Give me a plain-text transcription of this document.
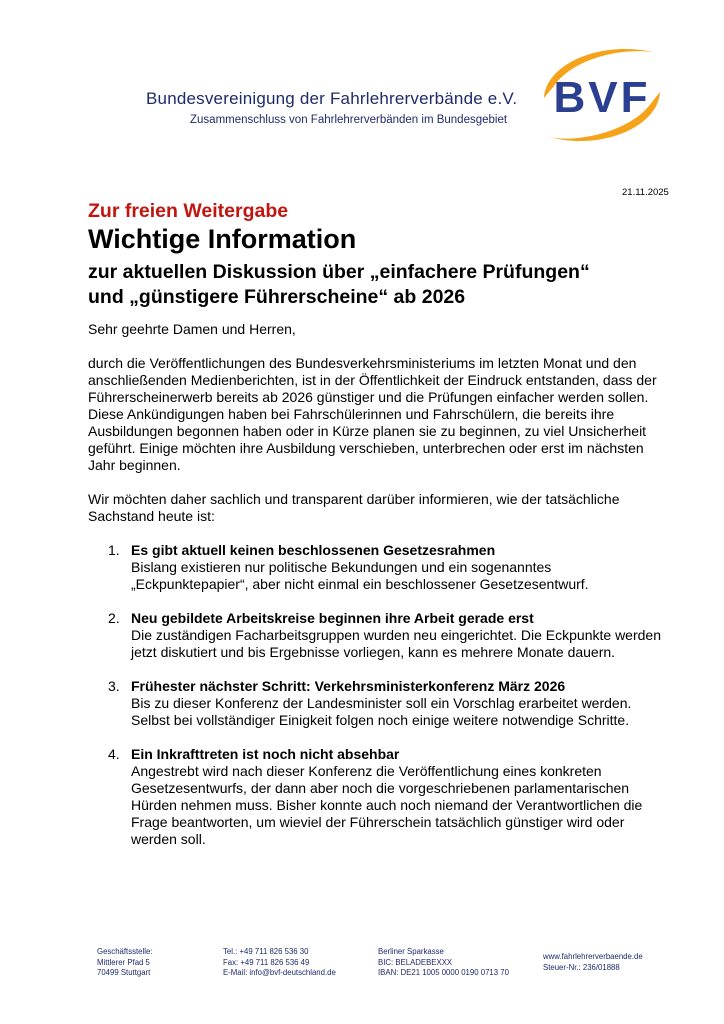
Bundesvereinigung der Fahrlehrerverbände e.V.
Zusammenschluss von Fahrlehrerverbänden im Bundesgebiet BVF
21.11.2025
Zur freien Weitergabe
Wichtige Information
zur aktuellen Diskussion über „einfachere Prüfungen“
und „günstigere Führerscheine“ ab 2026

Sehr geehrte Damen und Herren,

durch die Veröffentlichungen des Bundesverkehrsministeriums im letzten Monat und den anschließenden Medienberichten, ist in der Öffentlichkeit der Eindruck entstanden, dass der Führerscheinerwerb bereits ab 2026 günstiger und die Prüfungen einfacher werden sollen. Diese Ankündigungen haben bei Fahrschülerinnen und Fahrschülern, die bereits ihre Ausbildungen begonnen haben oder in Kürze planen sie zu beginnen, zu viel Unsicherheit geführt. Einige möchten ihre Ausbildung verschieben, unterbrechen oder erst im nächsten Jahr beginnen.

Wir möchten daher sachlich und transparent darüber informieren, wie der tatsächliche Sachstand heute ist:

1. Es gibt aktuell keinen beschlossenen Gesetzesrahmen
Bislang existieren nur politische Bekundungen und ein sogenanntes „Eckpunktepapier“, aber nicht einmal ein beschlossener Gesetzesentwurf.
2. Neu gebildete Arbeitskreise beginnen ihre Arbeit gerade erst
Die zuständigen Facharbeitsgruppen wurden neu eingerichtet. Die Eckpunkte werden jetzt diskutiert und bis Ergebnisse vorliegen, kann es mehrere Monate dauern.
3. Frühester nächster Schritt: Verkehrsministerkonferenz März 2026
Bis zu dieser Konferenz der Landesminister soll ein Vorschlag erarbeitet werden. Selbst bei vollständiger Einigkeit folgen noch einige weitere notwendige Schritte.
4. Ein Inkrafttreten ist noch nicht absehbar
Angestrebt wird nach dieser Konferenz die Veröffentlichung eines konkreten Gesetzesentwurfs, der dann aber noch die vorgeschriebenen parlamentarischen Hürden nehmen muss. Bisher konnte auch noch niemand der Verantwortlichen die Frage beantworten, um wieviel der Führerschein tatsächlich günstiger wird oder werden soll.
Geschäftsstelle:
Mittlerer Pfad 5
70499 Stuttgart
Tel.: +49 711 826 536 30
Fax: +49 711 826 536 49
E-Mail: info@bvf-deutschland.de
Berliner Sparkasse
BIC: BELADEBEXXX
IBAN: DE21 1005 0000 0190 0713 70
www.fahrlehrerverbaende.de
Steuer-Nr.: 236/01888
